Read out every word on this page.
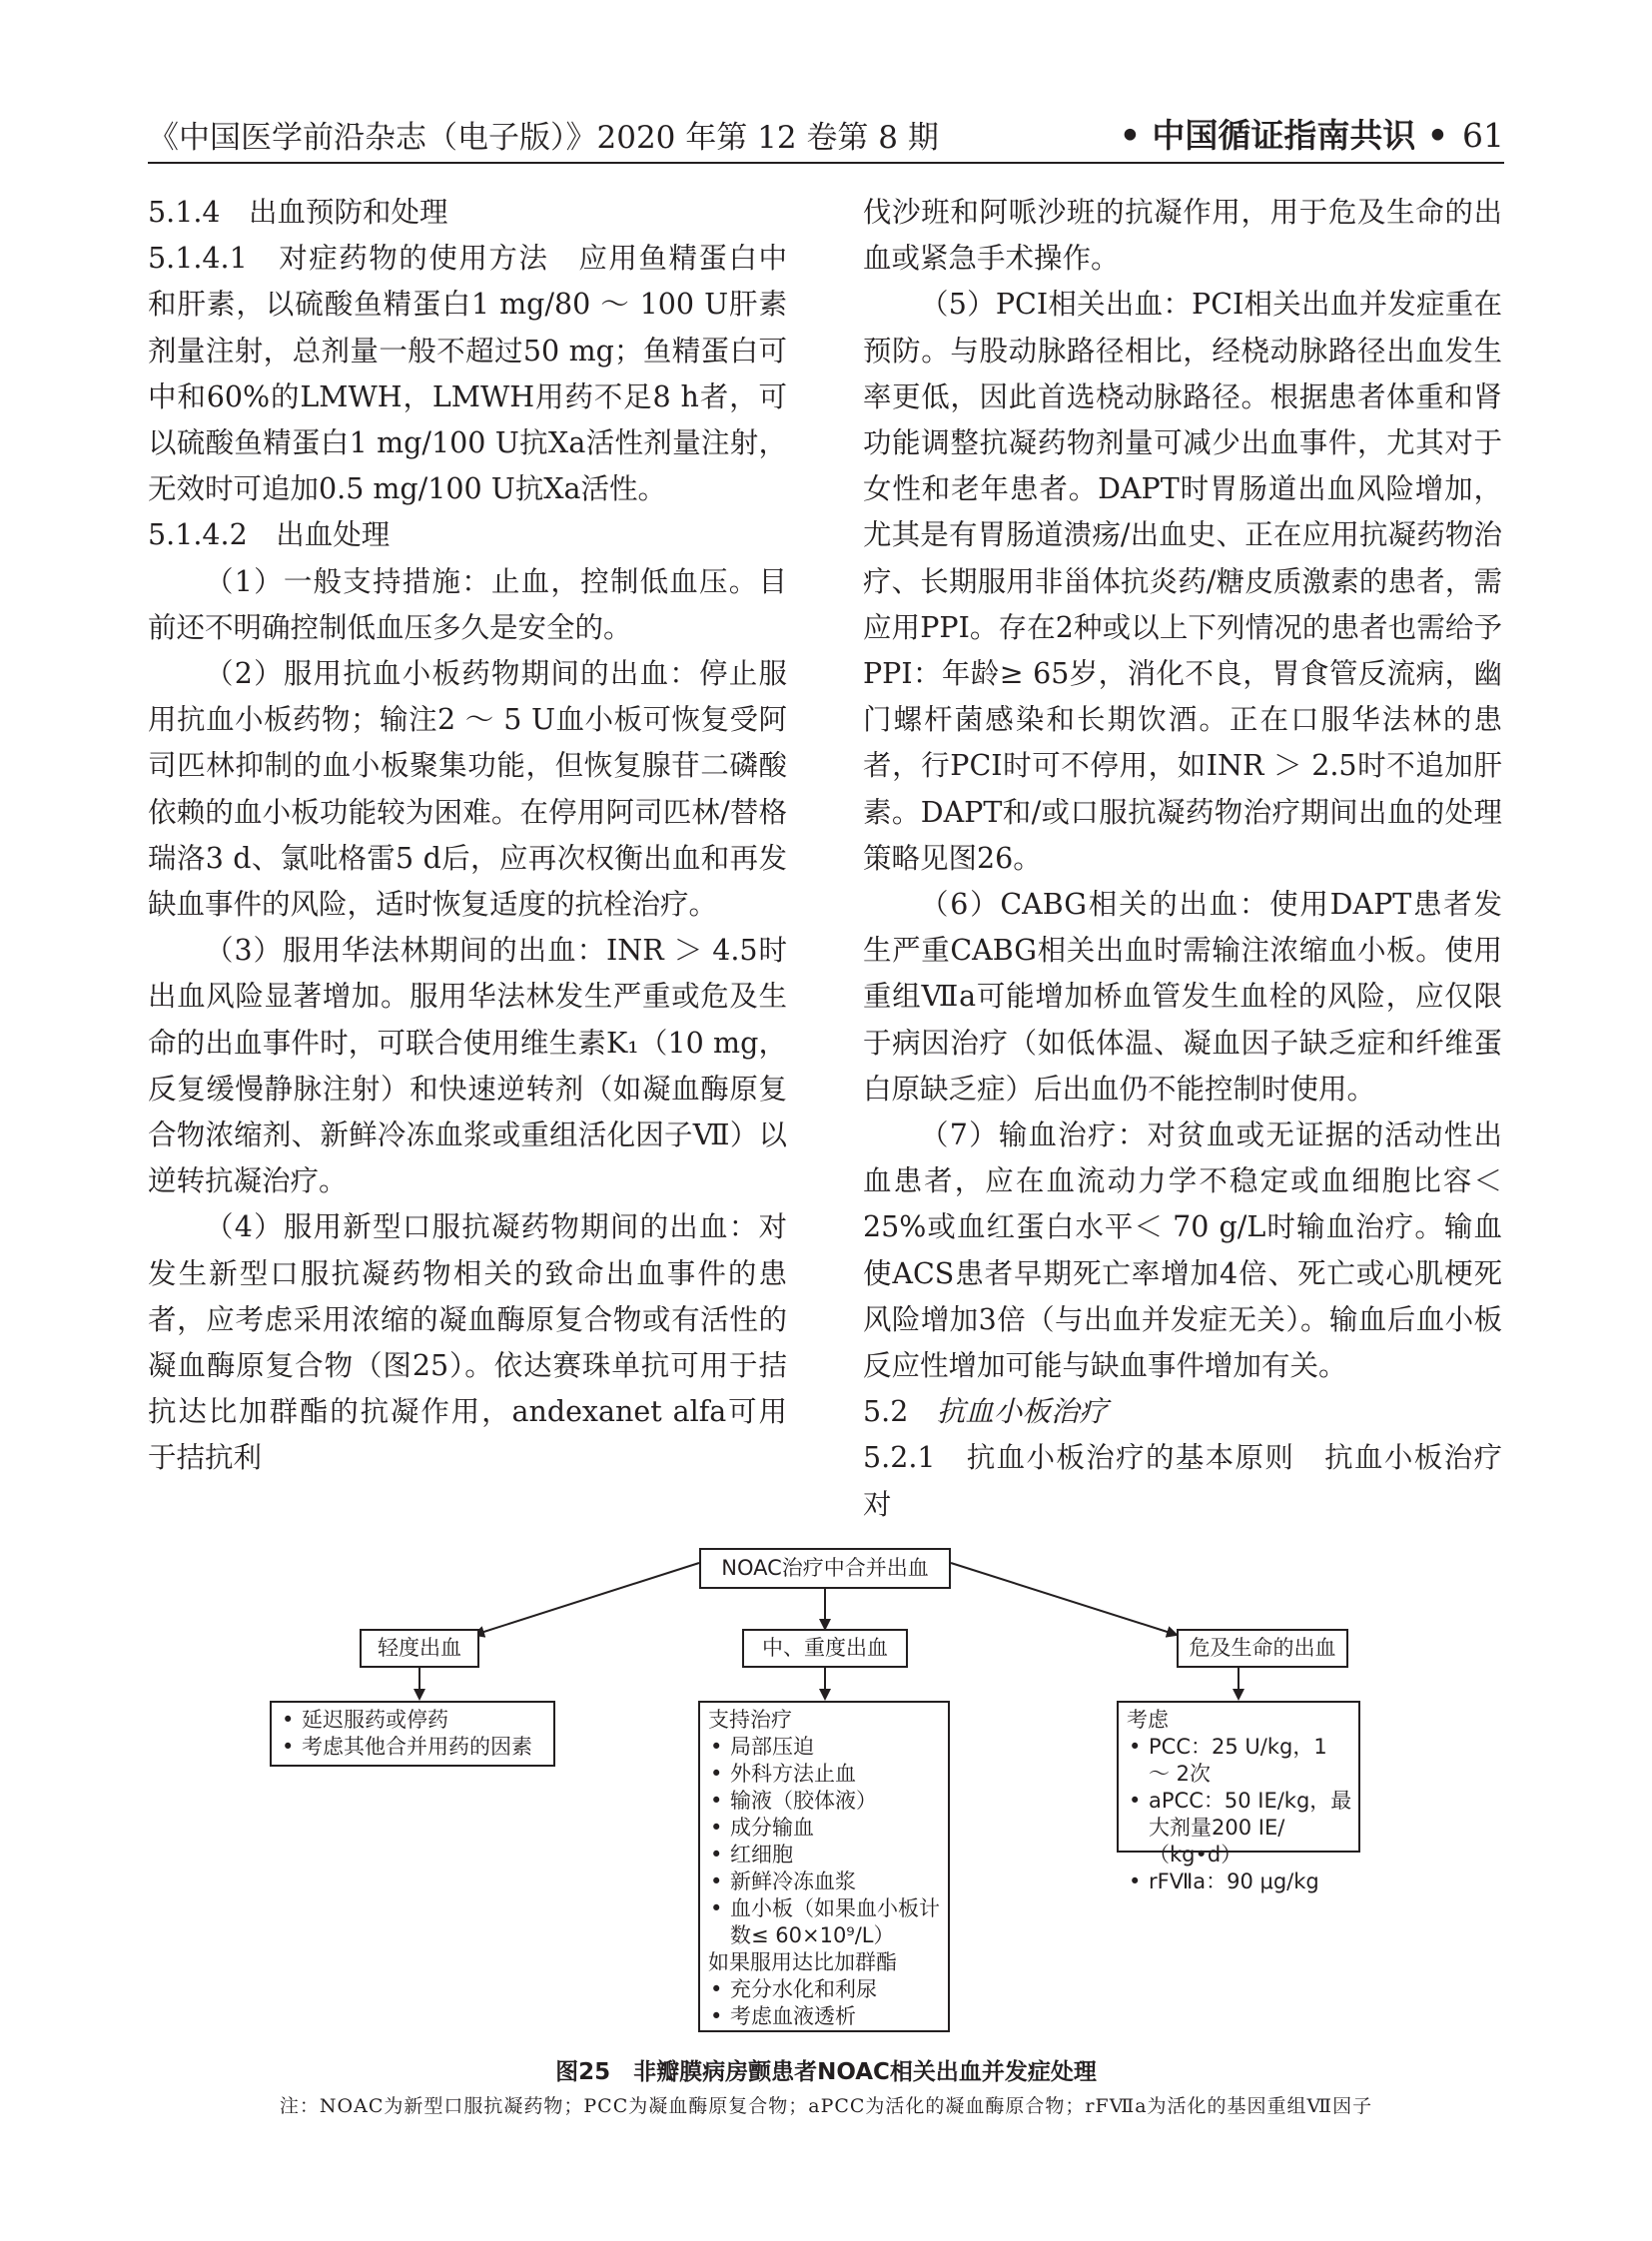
《中国医学前沿杂志（电子版）》2020 年第 12 卷第 8 期	• 中国循证指南共识 • 61

5.1.4　出血预防和处理

5.1.4.1　对症药物的使用方法　应用鱼精蛋白中和肝素，以硫酸鱼精蛋白1 mg/80 ～ 100 U肝素剂量注射，总剂量一般不超过50 mg；鱼精蛋白可中和60%的LMWH，LMWH用药不足8 h者，可以硫酸鱼精蛋白1 mg/100 U抗Ⅹa活性剂量注射，无效时可追加0.5 mg/100 U抗Ⅹa活性。

5.1.4.2　出血处理

（1）一般支持措施：止血，控制低血压。目前还不明确控制低血压多久是安全的。

（2）服用抗血小板药物期间的出血：停止服用抗血小板药物；输注2 ～ 5 U血小板可恢复受阿司匹林抑制的血小板聚集功能，但恢复腺苷二磷酸依赖的血小板功能较为困难。在停用阿司匹林/替格瑞洛3 d、氯吡格雷5 d后，应再次权衡出血和再发缺血事件的风险，适时恢复适度的抗栓治疗。

（3）服用华法林期间的出血：INR ＞ 4.5时出血风险显著增加。服用华法林发生严重或危及生命的出血事件时，可联合使用维生素K₁（10 mg，反复缓慢静脉注射）和快速逆转剂（如凝血酶原复合物浓缩剂、新鲜冷冻血浆或重组活化因子Ⅶ）以逆转抗凝治疗。

（4）服用新型口服抗凝药物期间的出血：对发生新型口服抗凝药物相关的致命出血事件的患者，应考虑采用浓缩的凝血酶原复合物或有活性的凝血酶原复合物（图25）。依达赛珠单抗可用于拮抗达比加群酯的抗凝作用，andexanet alfa可用于拮抗利

伐沙班和阿哌沙班的抗凝作用，用于危及生命的出血或紧急手术操作。

（5）PCI相关出血：PCI相关出血并发症重在预防。与股动脉路径相比，经桡动脉路径出血发生率更低，因此首选桡动脉路径。根据患者体重和肾功能调整抗凝药物剂量可减少出血事件，尤其对于女性和老年患者。DAPT时胃肠道出血风险增加，尤其是有胃肠道溃疡/出血史、正在应用抗凝药物治疗、长期服用非甾体抗炎药/糖皮质激素的患者，需应用PPI。存在2种或以上下列情况的患者也需给予PPI：年龄≥ 65岁，消化不良，胃食管反流病，幽门螺杆菌感染和长期饮酒。正在口服华法林的患者，行PCI时可不停用，如INR ＞ 2.5时不追加肝素。DAPT和/或口服抗凝药物治疗期间出血的处理策略见图26。

（6）CABG相关的出血：使用DAPT患者发生严重CABG相关出血时需输注浓缩血小板。使用重组Ⅶa可能增加桥血管发生血栓的风险，应仅限于病因治疗（如低体温、凝血因子缺乏症和纤维蛋白原缺乏症）后出血仍不能控制时使用。

（7）输血治疗：对贫血或无证据的活动性出血患者，应在血流动力学不稳定或血细胞比容＜ 25%或血红蛋白水平＜ 70 g/L时输血治疗。输血使ACS患者早期死亡率增加4倍、死亡或心肌梗死风险增加3倍（与出血并发症无关）。输血后血小板反应性增加可能与缺血事件增加有关。

5.2　抗血小板治疗

5.2.1　抗血小板治疗的基本原则　抗血小板治疗对

NOAC治疗中合并出血
轻度出血	中、重度出血	危及生命的出血
• 延迟服药或停药
• 考虑其他合并用药的因素
支持治疗
• 局部压迫
• 外科方法止血
• 输液（胶体液）
• 成分输血
• 红细胞
• 新鲜冷冻血浆
• 血小板（如果血小板计数≤ 60×10⁹/L）
如果服用达比加群酯
• 充分水化和利尿
• 考虑血液透析
考虑
• PCC：25 U/kg，1 ～ 2次
• aPCC：50 IE/kg，最大剂量200 IE/（kg•d）
• rFⅦa：90 μg/kg
图25　非瓣膜病房颤患者NOAC相关出血并发症处理
注：NOAC为新型口服抗凝药物；PCC为凝血酶原复合物；aPCC为活化的凝血酶原合物；rFⅦa为活化的基因重组Ⅶ因子
